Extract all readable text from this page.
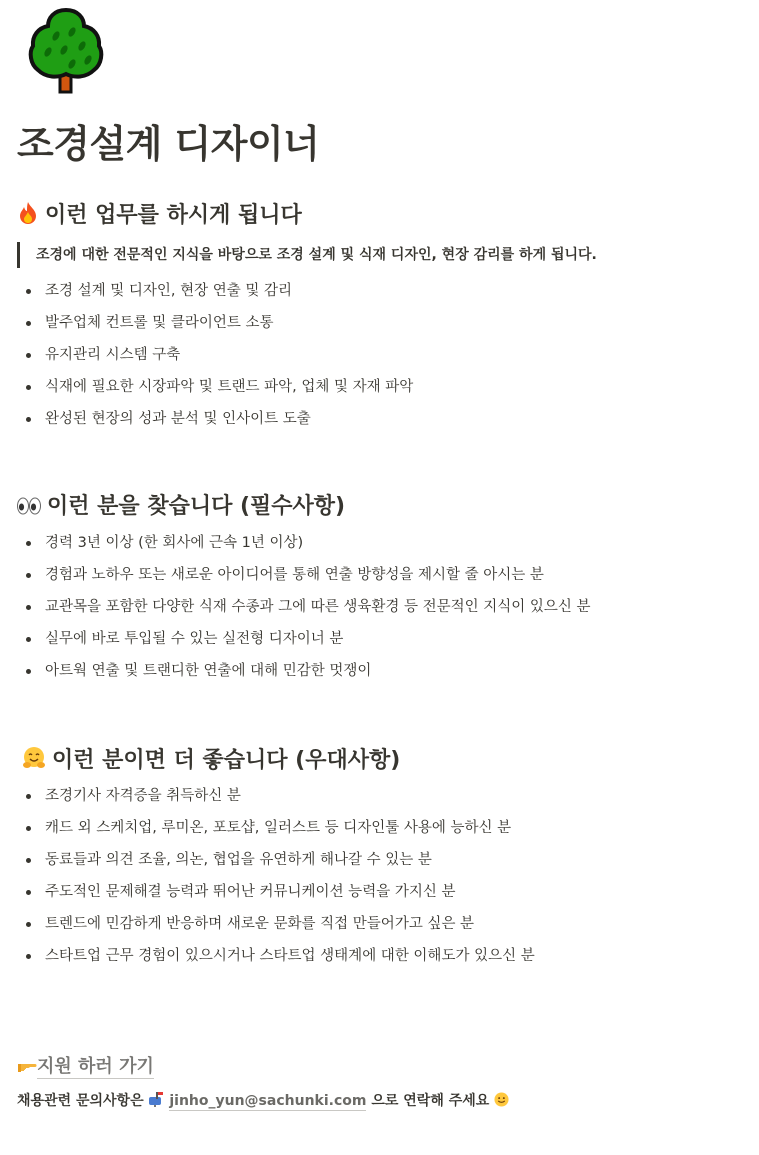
조경설계 디자이너
이런 업무를 하시게 됩니다
조경에 대한 전문적인 지식을 바탕으로 조경 설계 및 식재 디자인, 현장 감리를 하게 됩니다.
조경 설계 및 디자인, 현장 연출 및 감리
발주업체 컨트롤 및 클라이언트 소통
유지관리 시스템 구축
식재에 필요한 시장파악 및 트랜드 파악, 업체 및 자재 파악
완성된 현장의 성과 분석 및 인사이트 도출
이런 분을 찾습니다 (필수사항)
경력 3년 이상 (한 회사에 근속 1년 이상)
경험과 노하우 또는 새로운 아이디어를 통해 연출 방향성을 제시할 줄 아시는 분
교관목을 포함한 다양한 식재 수종과 그에 따른 생육환경 등 전문적인 지식이 있으신 분
실무에 바로 투입될 수 있는 실전형 디자이너 분
아트웍 연출 및 트랜디한 연출에 대해 민감한 멋쟁이
이런 분이면 더 좋습니다 (우대사항)
조경기사 자격증을 취득하신 분
캐드 외 스케치업, 루미온, 포토샵, 일러스트 등 디자인툴 사용에 능하신 분
동료들과 의견 조율, 의논, 협업을 유연하게 해나갈 수 있는 분
주도적인 문제해결 능력과 뛰어난 커뮤니케이션 능력을 가지신 분
트렌드에 민감하게 반응하며 새로운 문화를 직접 만들어가고 싶은 분
스타트업 근무 경험이 있으시거나 스타트업 생태계에 대한 이해도가 있으신 분
지원 하러 가기
채용관련 문의사항은 jinho_yun@sachunki.com 으로 연락해 주세요
